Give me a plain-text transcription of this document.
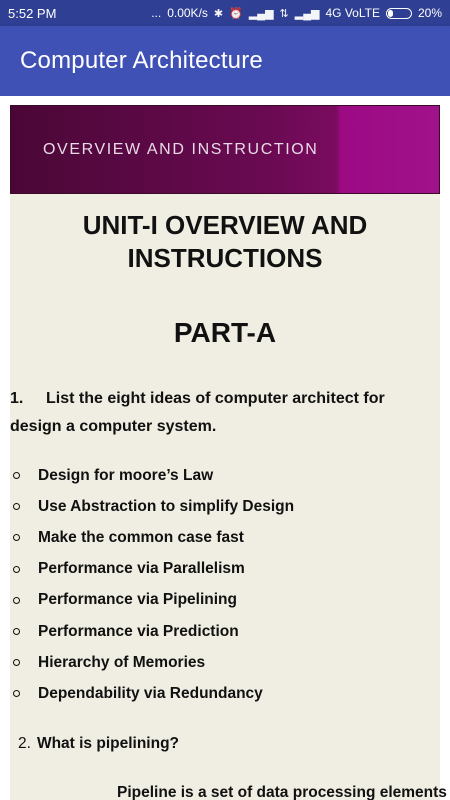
5:52 PM	... 0.00K/s ✱ ⏰ ▂▄▆ ⇅ ▂▄▆ 4G VoLTE	20%
Computer Architecture
OVERVIEW AND INSTRUCTION
UNIT-I OVERVIEW AND INSTRUCTIONS
PART-A
1. List the eight ideas of computer architect for design a computer system.
Design for moore’s Law
Use Abstraction to simplify Design
Make the common case fast
Performance via Parallelism
Performance via Pipelining
Performance via Prediction
Hierarchy of Memories
Dependability via Redundancy
2. What is pipelining?
Pipeline is a set of data processing elements
